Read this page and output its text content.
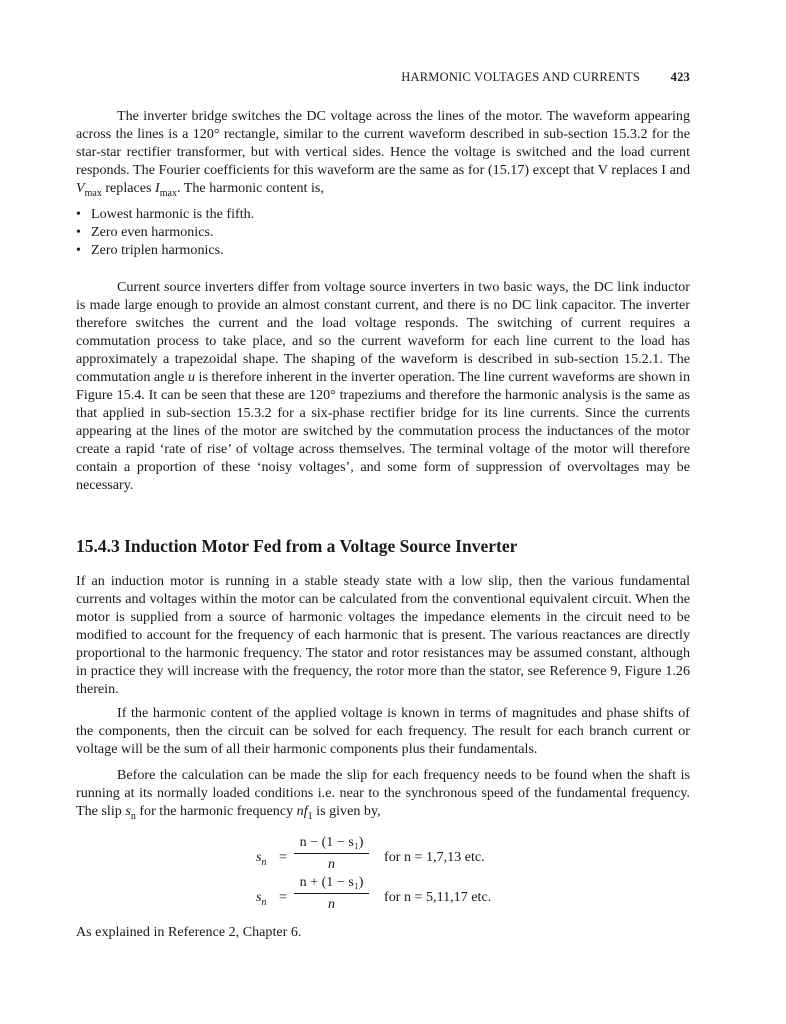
HARMONIC VOLTAGES AND CURRENTS 423

The inverter bridge switches the DC voltage across the lines of the motor. The waveform appearing across the lines is a 120° rectangle, similar to the current waveform described in sub-section 15.3.2 for the star-star rectifier transformer, but with vertical sides. Hence the voltage is switched and the load current responds. The Fourier coefficients for this waveform are the same as for (15.17) except that V replaces I and $V_{max}$ replaces $I_{max}$. The harmonic content is,

• Lowest harmonic is the fifth.
• Zero even harmonics.
• Zero triplen harmonics.

Current source inverters differ from voltage source inverters in two basic ways, the DC link inductor is made large enough to provide an almost constant current, and there is no DC link capacitor. The inverter therefore switches the current and the load voltage responds. The switching of current requires a commutation process to take place, and so the current waveform for each line current to the load has approximately a trapezoidal shape. The shaping of the waveform is described in sub-section 15.2.1. The commutation angle u is therefore inherent in the inverter operation. The line current waveforms are shown in Figure 15.4. It can be seen that these are 120° trapeziums and therefore the harmonic analysis is the same as that applied in sub-section 15.3.2 for a six-phase rectifier bridge for its line currents. Since the currents appearing at the lines of the motor are switched by the commutation process the inductances of the motor create a rapid ‘rate of rise’ of voltage across themselves. The terminal voltage of the motor will therefore contain a proportion of these ‘noisy voltages’, and some form of suppression of overvoltages may be necessary.

15.4.3 Induction Motor Fed from a Voltage Source Inverter

If an induction motor is running in a stable steady state with a low slip, then the various fundamental currents and voltages within the motor can be calculated from the conventional equivalent circuit. When the motor is supplied from a source of harmonic voltages the impedance elements in the circuit need to be modified to account for the frequency of each harmonic that is present. The various reactances are directly proportional to the harmonic frequency. The stator and rotor resistances may be assumed constant, although in practice they will increase with the frequency, the rotor more than the stator, see Reference 9, Figure 1.26 therein.

If the harmonic content of the applied voltage is known in terms of magnitudes and phase shifts of the components, then the circuit can be solved for each frequency. The result for each branch current or voltage will be the sum of all their harmonic components plus their fundamentals.

Before the calculation can be made the slip for each frequency needs to be found when the shaft is running at its normally loaded conditions i.e. near to the synchronous speed of the fundamental frequency. The slip $s_n$ for the harmonic frequency $nf_1$ is given by,

$s_n$ =
n − (1 − s₁)
n	for n = 1,7,13 etc.
$s_n$ =
n + (1 − s₁)
n	for n = 5,11,17 etc.

As explained in Reference 2, Chapter 6.
